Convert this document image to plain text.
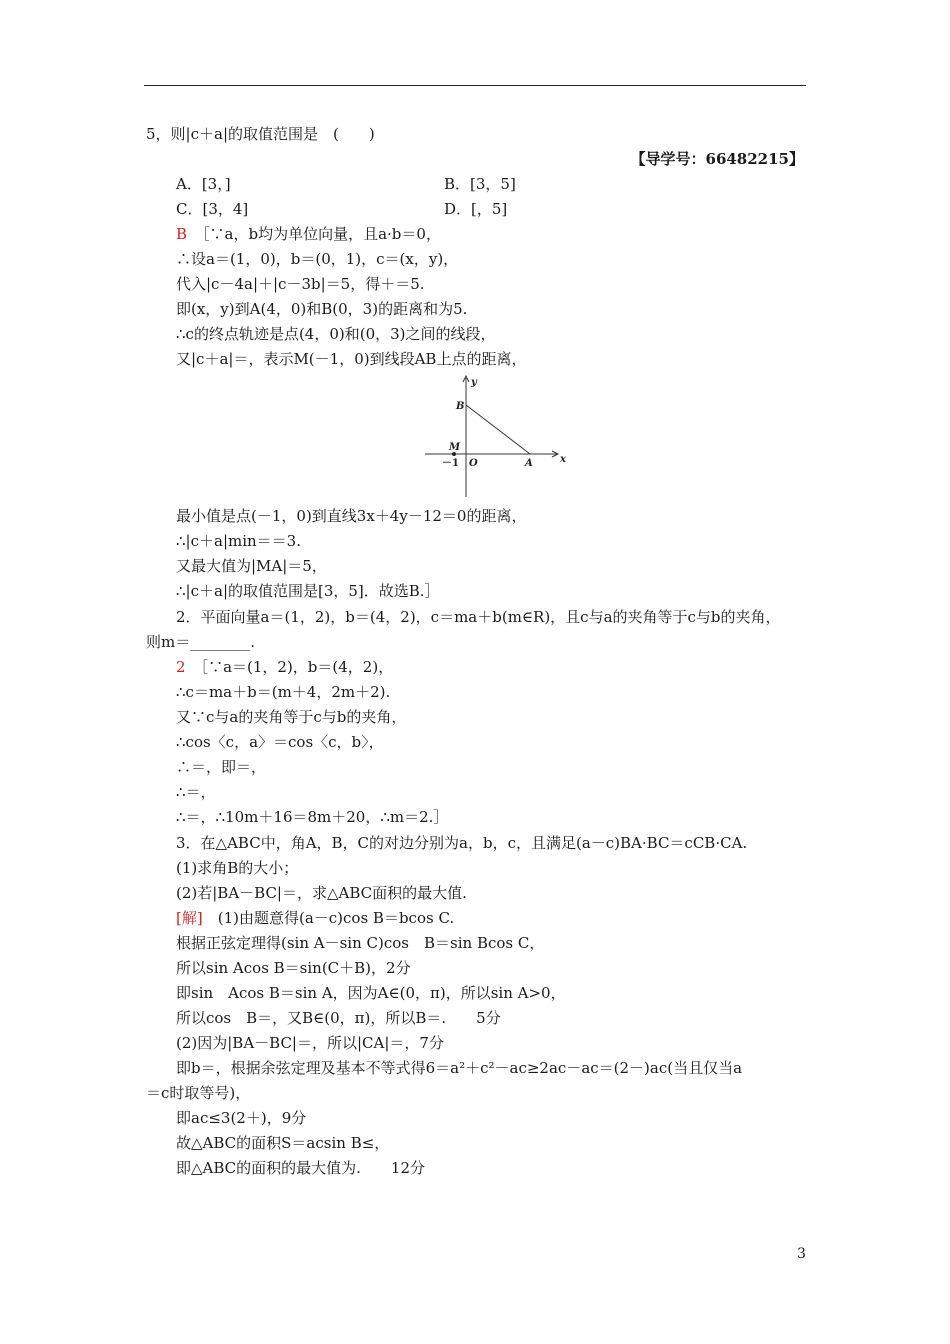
5，则|c＋a|的取值范围是　(　　)
【导学号：66482215】
A．[3，]	B．[3，5]
C．[3，4]	D．[，5]
B　 ［∵a，b均为单位向量，且a·b＝0，
∴设a＝(1，0)，b＝(0，1)，c＝(x，y)，
代入|c－4a|＋|c－3b|＝5，得＋＝5.
即(x，y)到A(4，0)和B(0，3)的距离和为5.
∴c的终点轨迹是点(4，0)和(0，3)之间的线段，
又|c＋a|＝，表示M(－1，0)到线段AB上点的距离，
y
x
B
M
－1 O	A
最小值是点(－1，0)到直线3x＋4y－12＝0的距离，
∴|c＋a|min＝＝3.
又最大值为|MA|＝5，
∴|c＋a|的取值范围是[3，5]．故选B.］
2．平面向量a＝(1，2)，b＝(4，2)，c＝ma＋b(m∈R)，且c与a的夹角等于c与b的夹角，
则m＝________.
2　 ［∵a＝(1，2)，b＝(4，2)，
∴c＝ma＋b＝(m＋4，2m＋2).
又∵c与a的夹角等于c与b的夹角，
∴cos〈c，a〉＝cos〈c，b〉，
∴＝，即＝，
∴＝，
∴＝，∴10m＋16＝8m＋20，∴m＝2.］
3．在△ABC中，角A，B，C的对边分别为a，b，c，且满足(a－c)BA·BC＝cCB·CA.
(1)求角B的大小；
(2)若|BA－BC|＝，求△ABC面积的最大值.
[解]　 (1)由题意得(a－c)cos B＝bcos C.
根据正弦定理得(sin A－sin C)cos　B＝sin Bcos C，
所以sin Acos B＝sin(C＋B)，2分
即sin　Acos B＝sin A，因为A∈(0，π)，所以sin A>0，
所以cos　B＝，又B∈(0，π)，所以B＝.　　5分
(2)因为|BA－BC|＝，所以|CA|＝，7分
即b＝，根据余弦定理及基本不等式得6＝a²＋c²－ac≥2ac－ac＝(2－)ac(当且仅当a
＝c时取等号)，
即ac≤3(2＋)，9分
故△ABC的面积S＝acsin B≤，
即△ABC的面积的最大值为.　　12分
3
